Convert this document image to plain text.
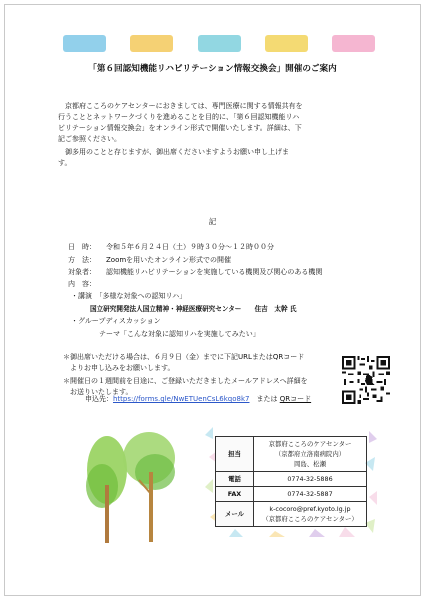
「第６回認知機能リハビリテーション情報交換会」開催のご案内

京都府こころのケアセンターにおきましては、専門医療に関する情報共有を
行うこととネットワークづくりを進めることを目的に、「第６回認知機能リハ
ビリテーション情報交換会」をオンライン形式で開催いたします。詳細は、下
記ご参照ください。

　御多用のことと存じますが、御出席くださいますようお願い申し上げま
す。

記
日　時： 令和５年６月２４日（土）９時３０分～１２時００分
方　法： Zoomを用いたオンライン形式での開催
対象者： 認知機能リハビリテーションを実施している機関及び関心のある機関
内　容：
・講演　「多様な対象への認知リハ」
国立研究開発法人国立精神・神経医療研究センター　　住吉　太幹 氏
・グループディスカッション
テーマ「こんな対象に認知リハを実施してみたい」

＊御出席いただける場合は、６月９日（金）までに下記URLまたはQRコード
　よりお申し込みをお願いします。

＊開催日の１週間前を目途に、ご登録いただきましたメールアドレスへ詳細を
　お送りいたします。

申込先：https://forms.gle/NwETUenCsL6kqo8k7　または QRコード
担当	京都府こころのケアセンター
（京都府立洛南病院内）
岡島、松瀬
電話	0774-32-5886
FAX	0774-32-5887
メール	k-cocoro@pref.kyoto.lg.jp
（京都府こころのケアセンター）
